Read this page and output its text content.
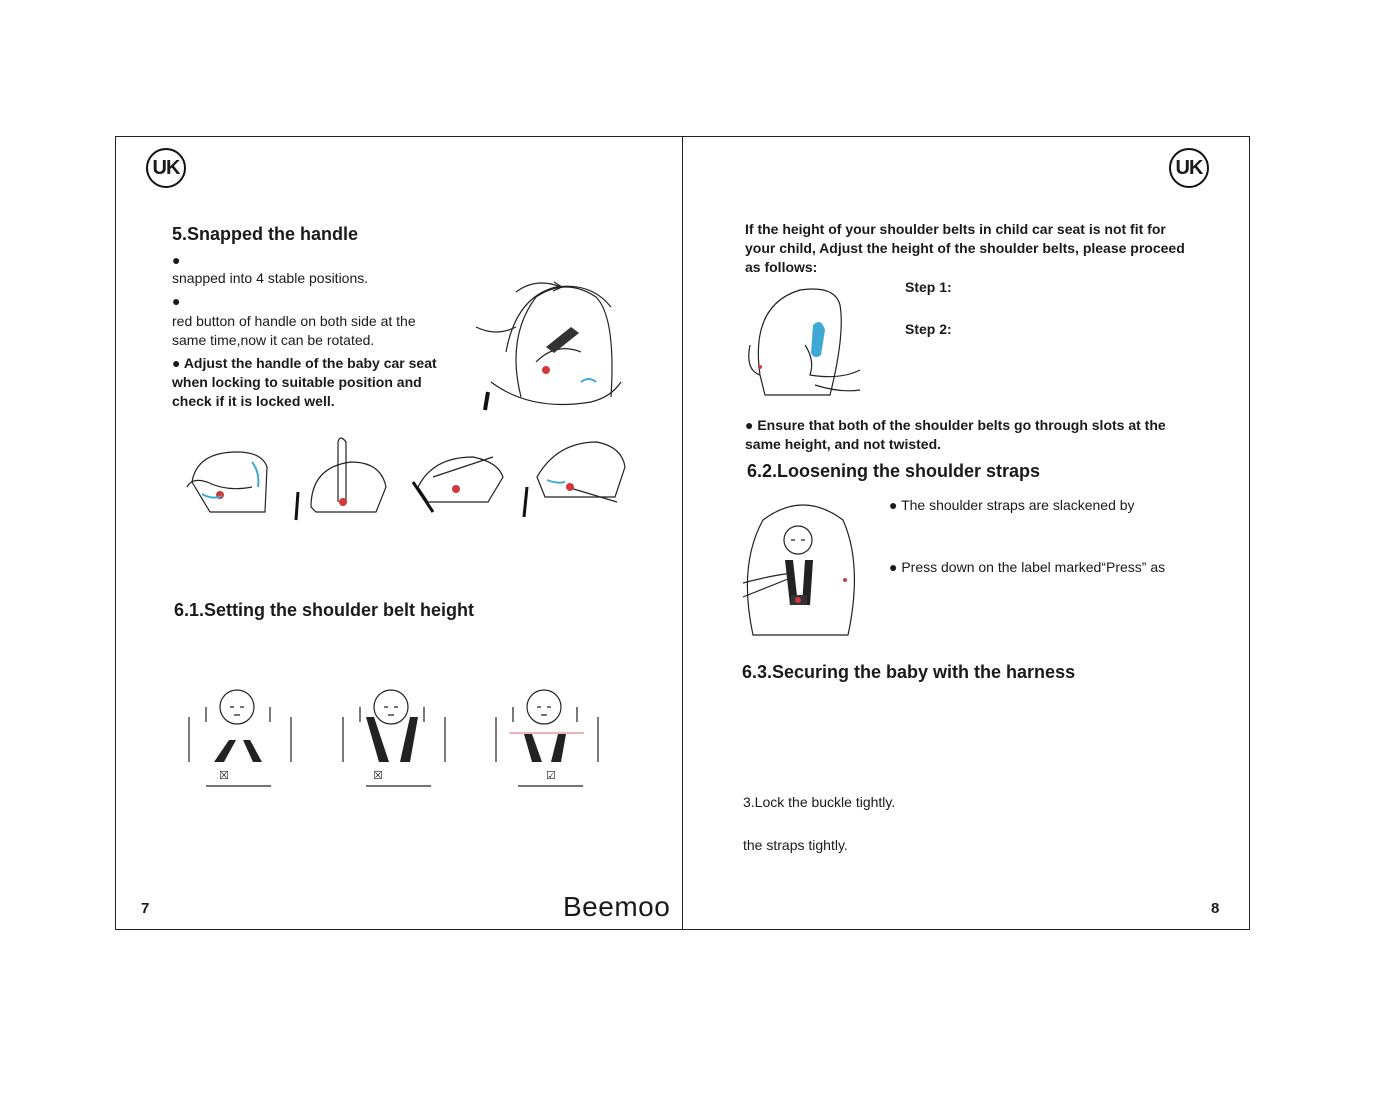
UK
5.Snapped the handle
●
snapped into 4 stable positions.
●
red button of handle on both side at the
same time,now it can be rotated.
● Adjust the handle of the baby car seat
when locking to suitable position and
check if it is locked well.
6.1.Setting the shoulder belt height
☒	☒	☑
7	Beemoo
UK
If the height of your shoulder belts in child car seat is not fit for
your child, Adjust the height of the shoulder belts, please proceed
as follows:
Step 1:
Step 2:
● Ensure that both of the shoulder belts go through slots at the
same height, and not twisted.
6.2.Loosening the shoulder straps
● The shoulder straps are slackened by
● Press down on the label marked“Press” as
6.3.Securing the baby with the harness
3.Lock the buckle tightly.
the straps tightly.
8
